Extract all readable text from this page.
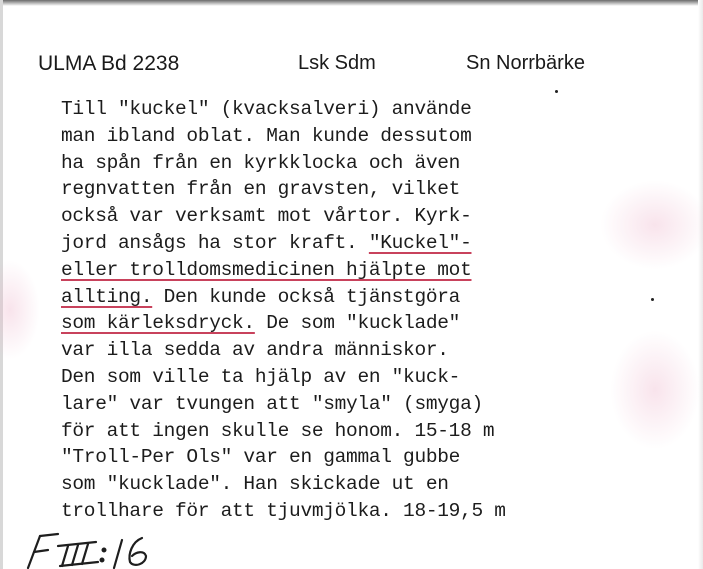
ULMA Bd 2238	Lsk Sdm	Sn Norrbärke
Till "kuckel" (kvacksalveri) använde
man ibland oblat. Man kunde dessutom
ha spån från en kyrkklocka och även
regnvatten från en gravsten, vilket
också var verksamt mot vårtor. Kyrk-
jord ansågs ha stor kraft. "Kuckel"-
eller trolldomsmedicinen hjälpte mot
allting. Den kunde också tjänstgöra
som kärleksdryck. De som "kucklade"
var illa sedda av andra människor.
Den som ville ta hjälp av en "kuck-
lare" var tvungen att "smyla" (smyga)
för att ingen skulle se honom. 15-18 m
"Troll-Per Ols" var en gammal gubbe
som "kucklade". Han skickade ut en
trollhare för att tjuvmjölka. 18-19,5 m
